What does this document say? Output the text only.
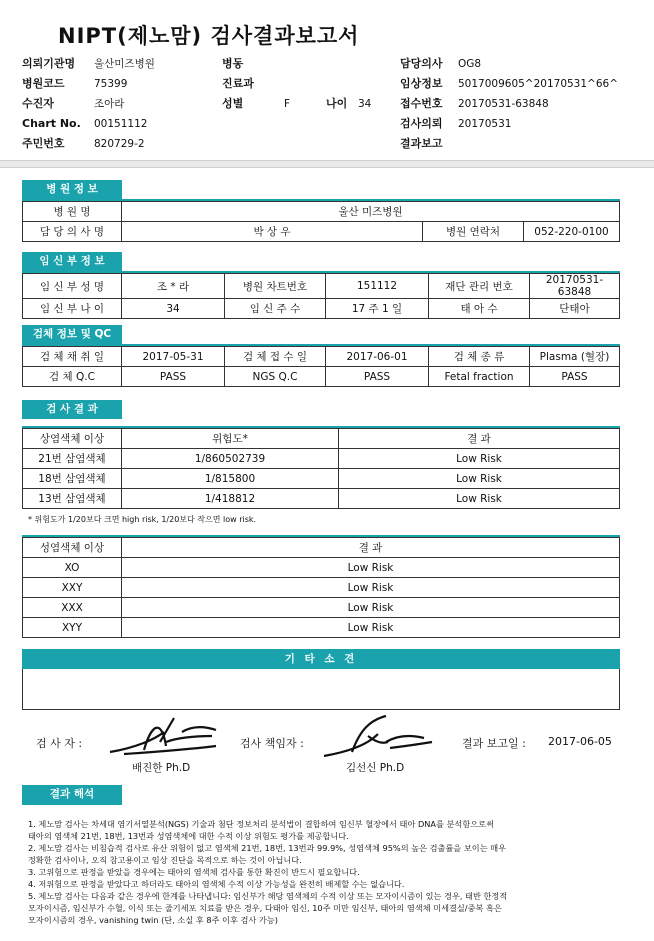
NIPT(제노맘) 검사결과보고서
의뢰기관명 울산미즈병원
병원코드	75399
수진자	조아라
Chart No. 00151112
주민번호	820729-2
병동
진료과
성별	F	나이 34
담당의사 OG8
임상정보 5017009605^20170531^66^
접수번호 20170531-63848
검사의뢰 20170531
결과보고
병 원 정 보
병 원 명	울산 미즈병원		
담 당 의 사 명	박 상 우	병원 연락처	052-220-0100
임 신 부 정 보
임 신 부 성 명	조 * 라	병원 차트번호	151112	재단 관리 번호	20170531-63848
임 신 부 나 이	34	임 신 주 수	17 주 1 일	태 아 수	단태아
검체 정보 및 QC
검 체 채 취 일	2017-05-31	검 체 접 수 일	2017-06-01	검 체 종 류	Plasma (혈장)
검 체 Q.C	PASS	NGS Q.C	PASS	Fetal fraction	PASS
검 사 결 과
상염색체 이상	위험도*	결 과
21번 삼염색체	1/860502739	Low Risk
18번 삼염색체	1/815800	Low Risk
13번 삼염색체	1/418812	Low Risk
* 위험도가 1/20보다 크면 high risk, 1/20보다 작으면 low risk.
성염색체 이상	결 과
XO	Low Risk
XXY	Low Risk
XXX	Low Risk
XYY	Low Risk
기 타 소 견
검 사 자 :
배진한 Ph.D
검사 책임자 :
김선신 Ph.D
결과 보고일 : 2017-06-05
결과 해석
1. 제노맘 검사는 차세대 염기서열분석(NGS) 기술과 첨단 정보처리 분석법이 결합하여 임신부 혈장에서 태아 DNA를 분석함으로써
태아의 염색체 21번, 18번, 13번과 성염색체에 대한 수적 이상 위험도 평가를 제공합니다.
2. 제노맘 검사는 비침습적 검사로 유산 위험이 없고 염색체 21번, 18번, 13번과 99.9%, 성염색체 95%의 높은 검출률을 보이는 매우
정확한 검사이나, 오직 참고용이고 임상 진단을 목적으로 하는 것이 아닙니다.
3. 고위험으로 판정을 받았을 경우에는 태아의 염색체 검사를 통한 확진이 반드시 필요합니다.
4. 저위험으로 판정을 받았다고 하더라도 태아의 염색체 수적 이상 가능성을 완전히 배제할 수는 없습니다.
5. 제노맘 검사는 다음과 같은 경우에 한계를 나타냅니다: 임신부가 해당 염색체의 수적 이상 또는 모자이시즘이 있는 경우, 태반 한정적
모자이시즘, 임신부가 수혈, 이식 또는 줄기세포 치료를 받은 경우, 다태아 임신, 10주 미만 임신부, 태아의 염색체 미세결실/중복 혹은
모자이시즘의 경우, vanishing twin (단, 소실 후 8주 이후 검사 가능)
